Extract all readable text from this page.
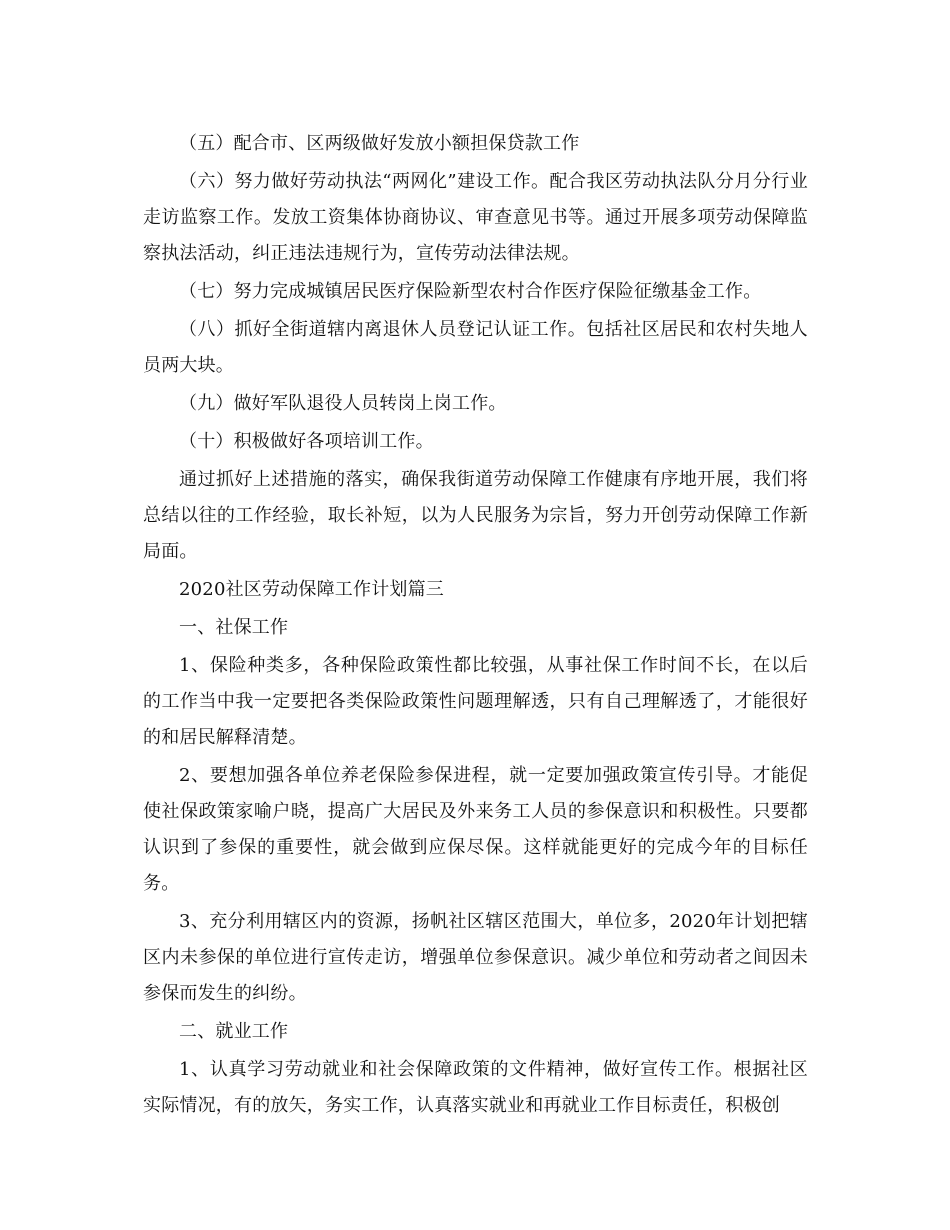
（五）配合市、区两级做好发放小额担保贷款工作

（六）努力做好劳动执法“两网化”建设工作。配合我区劳动执法队分月分行业走访监察工作。发放工资集体协商协议、审查意见书等。通过开展多项劳动保障监察执法活动，纠正违法违规行为，宣传劳动法律法规。

（七）努力完成城镇居民医疗保险新型农村合作医疗保险征缴基金工作。

（八）抓好全街道辖内离退休人员登记认证工作。包括社区居民和农村失地人员两大块。

（九）做好军队退役人员转岗上岗工作。

（十）积极做好各项培训工作。

通过抓好上述措施的落实，确保我街道劳动保障工作健康有序地开展，我们将总结以往的工作经验，取长补短，以为人民服务为宗旨，努力开创劳动保障工作新局面。

2020社区劳动保障工作计划篇三

一、社保工作

1、保险种类多，各种保险政策性都比较强，从事社保工作时间不长，在以后的工作当中我一定要把各类保险政策性问题理解透，只有自己理解透了，才能很好的和居民解释清楚。

2、要想加强各单位养老保险参保进程，就一定要加强政策宣传引导。才能促使社保政策家喻户晓，提高广大居民及外来务工人员的参保意识和积极性。只要都认识到了参保的重要性，就会做到应保尽保。这样就能更好的完成今年的目标任务。

3、充分利用辖区内的资源，扬帆社区辖区范围大，单位多，2020年计划把辖区内未参保的单位进行宣传走访，增强单位参保意识。减少单位和劳动者之间因未参保而发生的纠纷。

二、就业工作

1、认真学习劳动就业和社会保障政策的文件精神，做好宣传工作。根据社区实际情况，有的放矢，务实工作，认真落实就业和再就业工作目标责任，积极创
